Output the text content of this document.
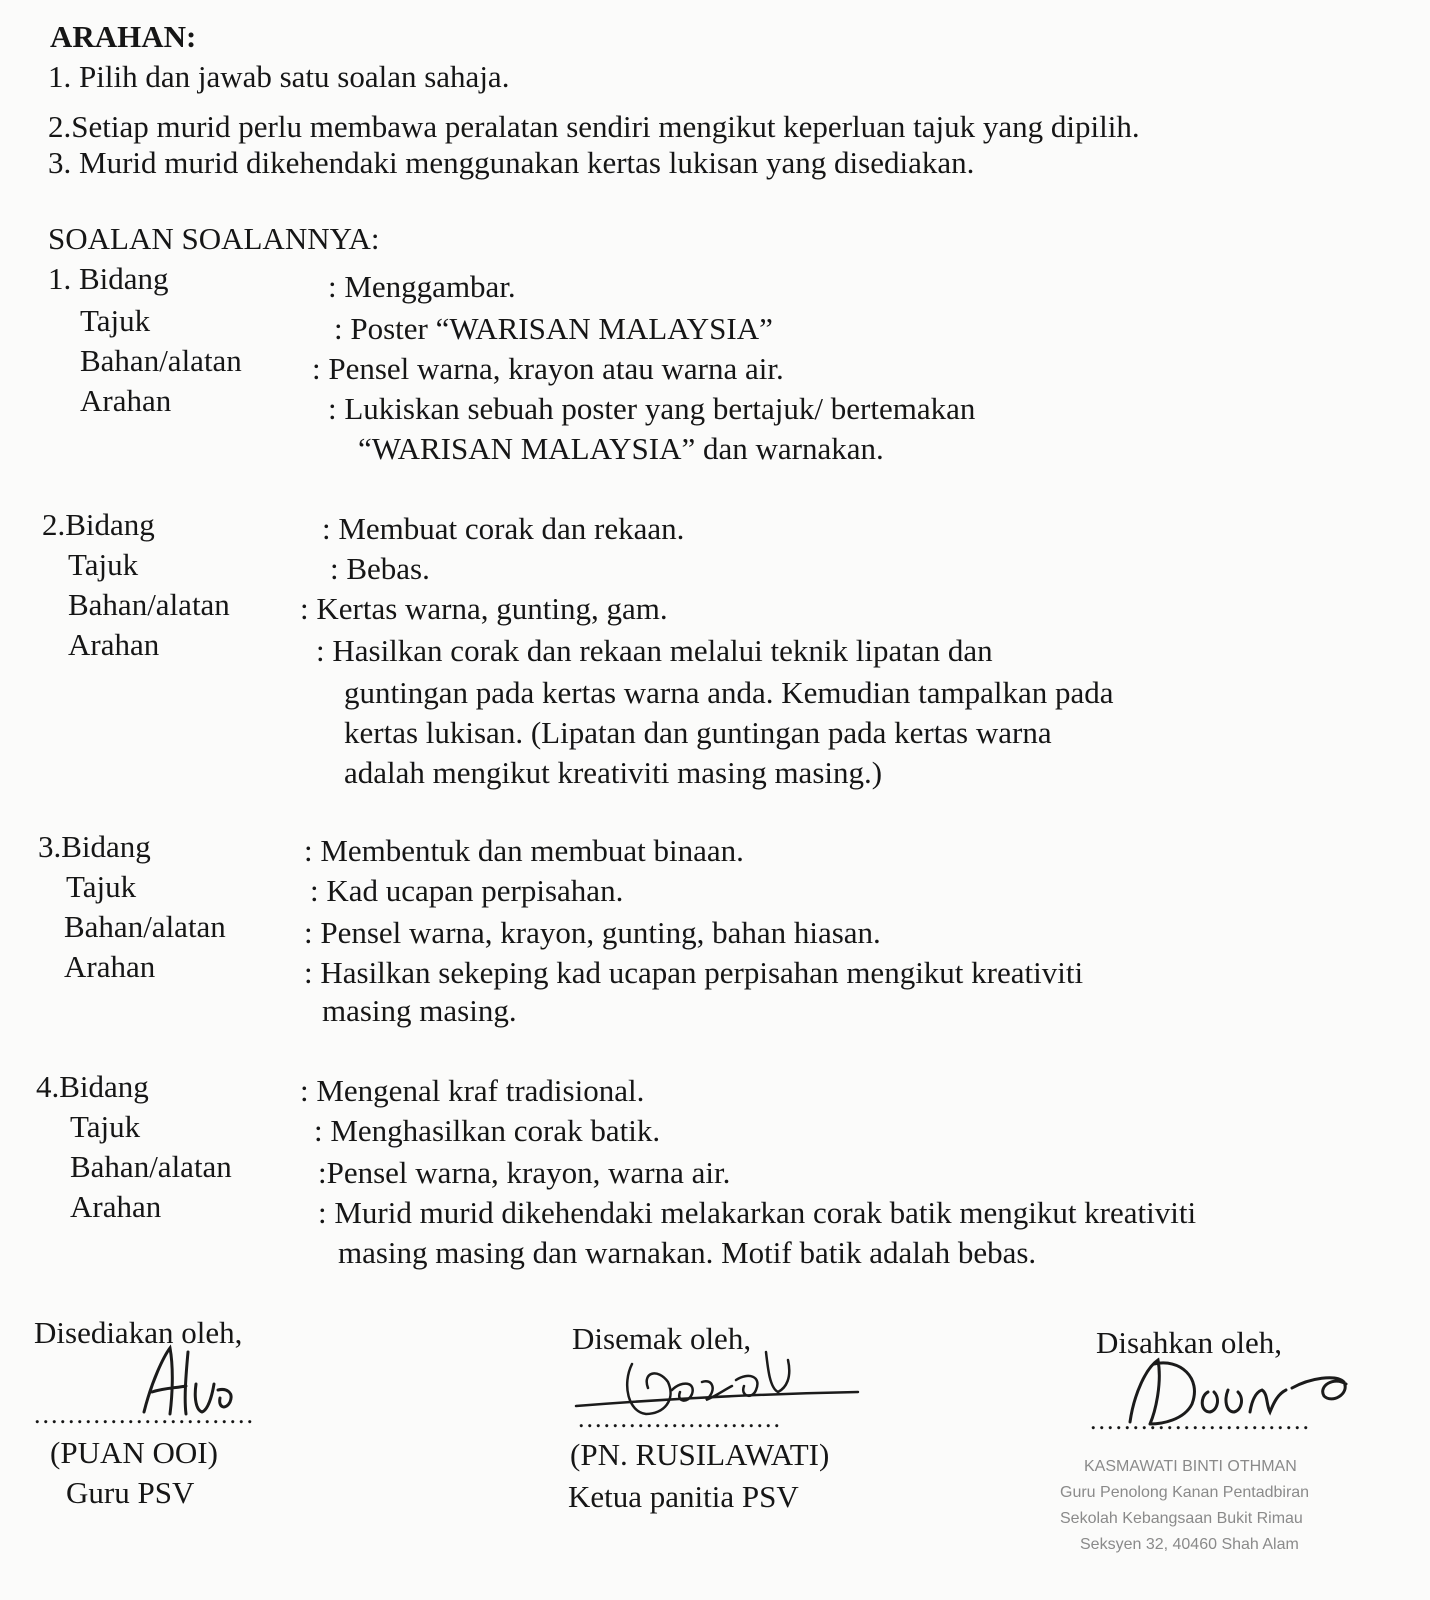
ARAHAN:
1. Pilih dan jawab satu soalan sahaja.
2.Setiap murid perlu membawa peralatan sendiri mengikut keperluan tajuk yang dipilih.
3. Murid murid dikehendaki menggunakan kertas lukisan yang disediakan.
SOALAN SOALANNYA:
1. Bidang	: Menggambar.
Tajuk	: Poster “WARISAN MALAYSIA”
Bahan/alatan : Pensel warna, krayon atau warna air.
Arahan	: Lukiskan sebuah poster yang bertajuk/ bertemakan
“WARISAN MALAYSIA” dan warnakan.
2.Bidang	: Membuat corak dan rekaan.
Tajuk	: Bebas.
Bahan/alatan : Kertas warna, gunting, gam.
Arahan	: Hasilkan corak dan rekaan melalui teknik lipatan dan
guntingan pada kertas warna anda. Kemudian tampalkan pada
kertas lukisan. (Lipatan dan guntingan pada kertas warna
adalah mengikut kreativiti masing masing.)
3.Bidang	: Membentuk dan membuat binaan.
Tajuk	: Kad ucapan perpisahan.
Bahan/alatan	: Pensel warna, krayon, gunting, bahan hiasan.
Arahan	: Hasilkan sekeping kad ucapan perpisahan mengikut kreativiti
masing masing.
4.Bidang	: Mengenal kraf tradisional.
Tajuk	: Menghasilkan corak batik.
Bahan/alatan	:Pensel warna, krayon, warna air.
Arahan	: Murid murid dikehendaki melakarkan corak batik mengikut kreativiti
masing masing dan warnakan. Motif batik adalah bebas.
Disediakan oleh,
..........................
(PUAN OOI)
Guru PSV
Disemak oleh,
........................
(PN. RUSILAWATI)
Ketua panitia PSV
Disahkan oleh,
..........................
KASMAWATI BINTI OTHMAN
Guru Penolong Kanan Pentadbiran
Sekolah Kebangsaan Bukit Rimau
Seksyen 32, 40460 Shah Alam
